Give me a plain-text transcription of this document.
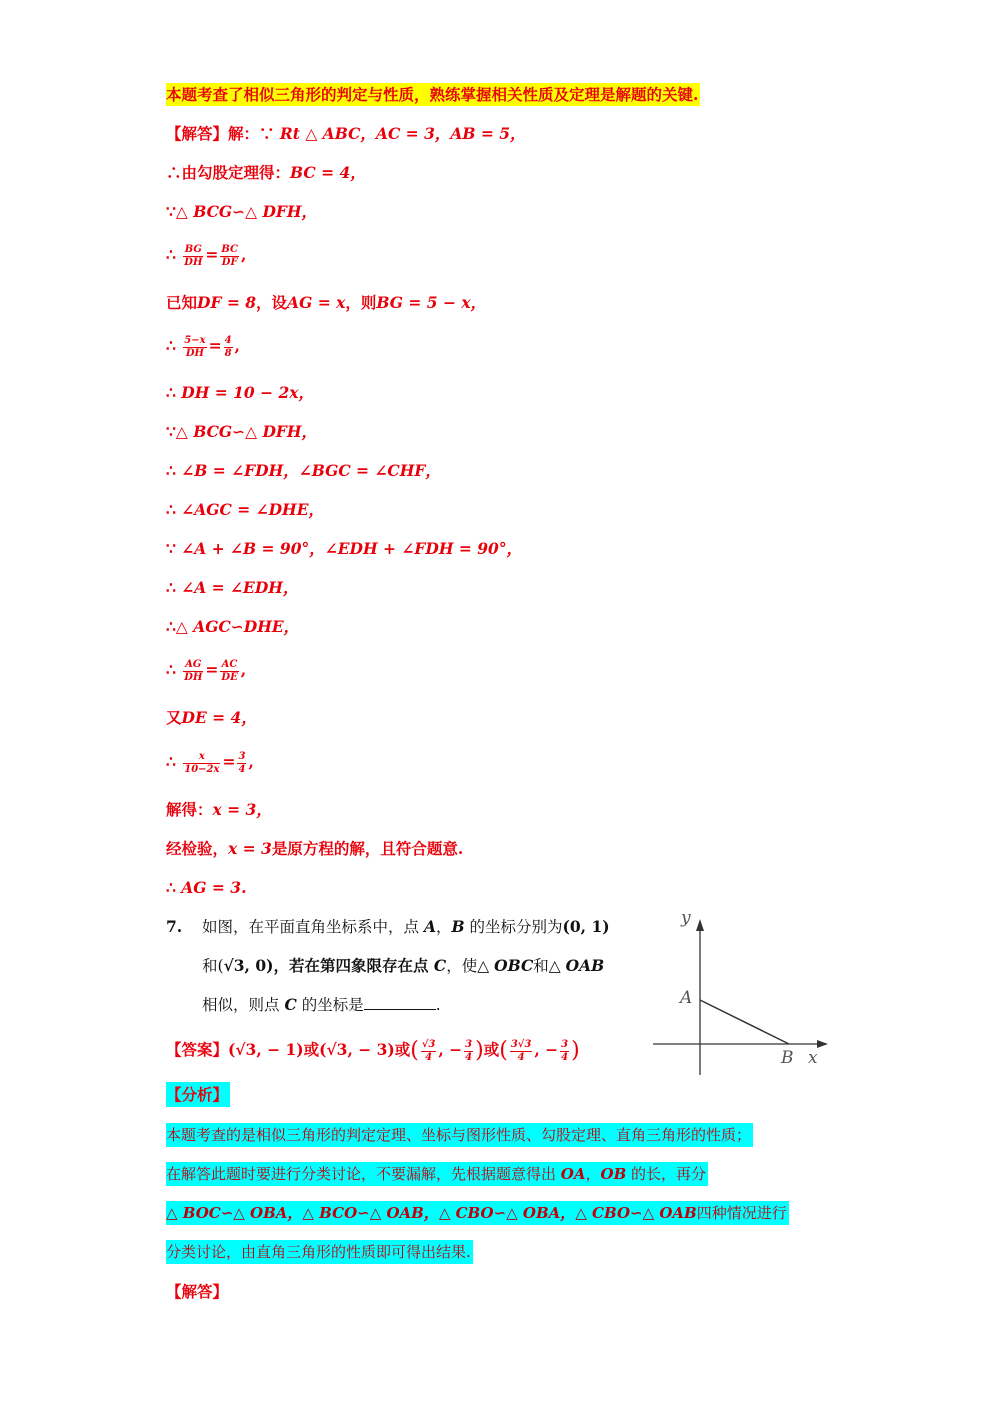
本题考查了相似三角形的判定与性质，熟练掌握相关性质及定理是解题的关键.
【解答】解：∵ Rt △ ABC，AC = 3，AB = 5，
∴由勾股定理得：BC = 4，
∵△ BCG∽△ DFH，
∴ $\frac{BG}{DH} = \frac{BC}{DF}$ ,
已知DF = 8，设AG = x，则BG = 5 − x，
∴ $\frac{5-x}{DH} = \frac{4}{8}$ ,
∴ DH = 10 − 2x，
∵△ BCG∽△ DFH，
∴ ∠B = ∠FDH，∠BGC = ∠CHF，
∴ ∠AGC = ∠DHE，
∵ ∠A + ∠B = 90°，∠EDH + ∠FDH = 90°，
∴ ∠A = ∠EDH，
∴△ AGC∽DHE，
∴ $\frac{AG}{DH} = \frac{AC}{DE}$ ,
又DE = 4，
∴ $\frac{x}{10-2x} = \frac{3}{4}$ ,
解得：x = 3，
经检验，x = 3是原方程的解，且符合题意.
∴ AG = 3.
7. 如图，在平面直角坐标系中，点 A，B 的坐标分别为(0, 1)
和(√3, 0)，若在第四象限存在点 C，使△ OBC和△ OAB
相似，则点 C 的坐标是	.
y
A
B x
【答案】(√3, − 1)或(√3, − 3)或( $\frac{√3}{4}$ , − $\frac{3}{4}$ )或( $\frac{3√3}{4}$ , − $\frac{3}{4}$ )
【分析】
本题考查的是相似三角形的判定定理、坐标与图形性质、勾股定理、直角三角形的性质；
在解答此题时要进行分类讨论，不要漏解，先根据题意得出 OA，OB 的长，再分
△ BOC∽△ OBA，△ BCO∽△ OAB，△ CBO∽△ OBA，△ CBO∽△ OAB四种情况进行
分类讨论，由直角三角形的性质即可得出结果.
【解答】
